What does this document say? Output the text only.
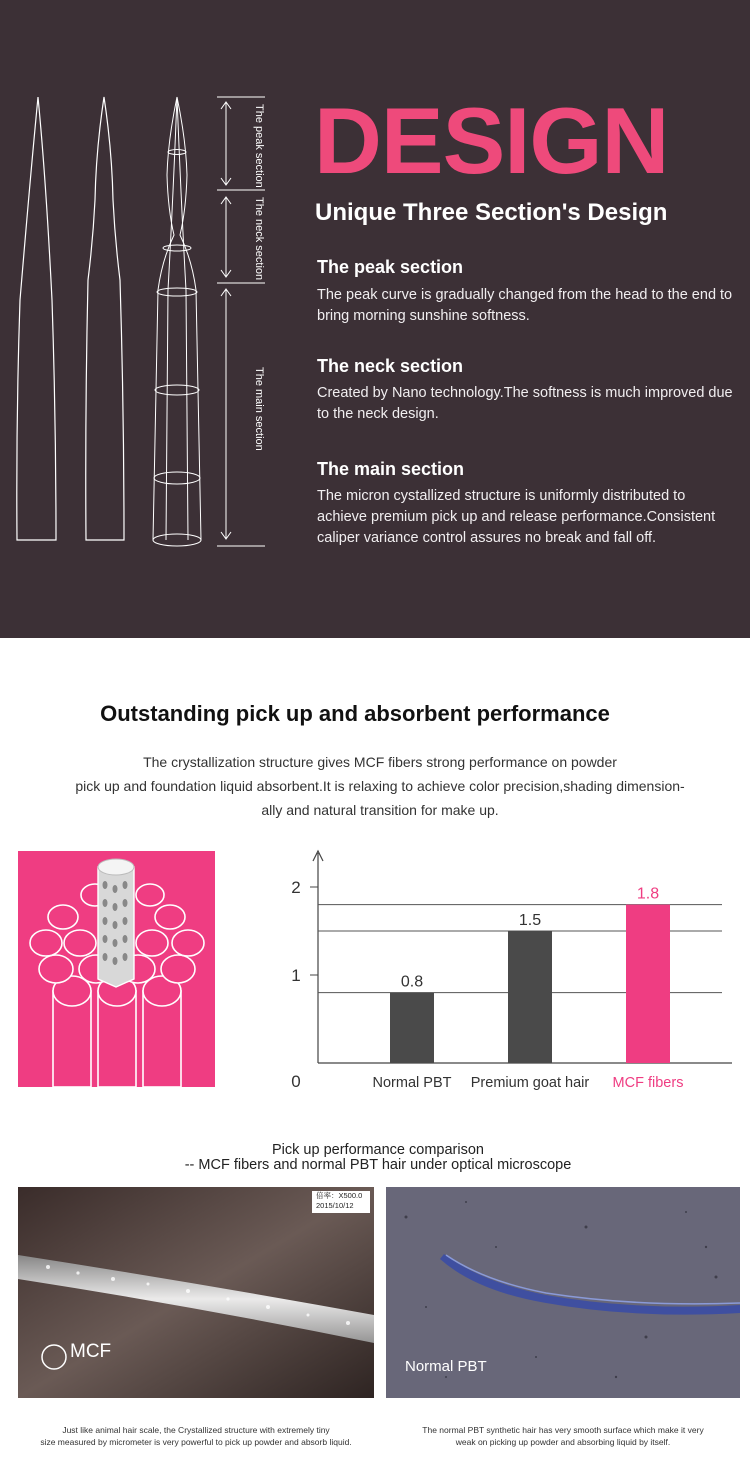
The peak section
The neck section
The main section
DESIGN
Unique Three Section's Design
The peak section
The peak curve is gradually changed from the head to the end to bring morning sunshine softness.
The neck section
Created by Nano technology.The softness is much improved due to the neck design.
The main section
The micron cystallized structure is uniformly distributed to achieve premium pick up and release performance.Consistent caliper variance control assures no break and fall off.
Outstanding pick up and absorbent performance
The crystallization structure gives MCF fibers strong performance on powder
pick up and foundation liquid absorbent.It is relaxing to achieve color precision,shading dimension-
ally and natural transition for make up.
0
1
2
0.8
Normal PBT
1.5
Premium goat hair
1.8
MCF fibers
Pick up performance comparison
-- MCF fibers and normal PBT hair under optical microscope
倍率：X500.0
2015/10/12
MCF
Normal PBT
Just like animal hair scale, the Crystallized structure with extremely tiny
size measured by micrometer is very powerful to pick up powder and absorb liquid.
The normal PBT synthetic hair has very smooth surface which make it very
weak on picking up powder and absorbing liquid by itself.
